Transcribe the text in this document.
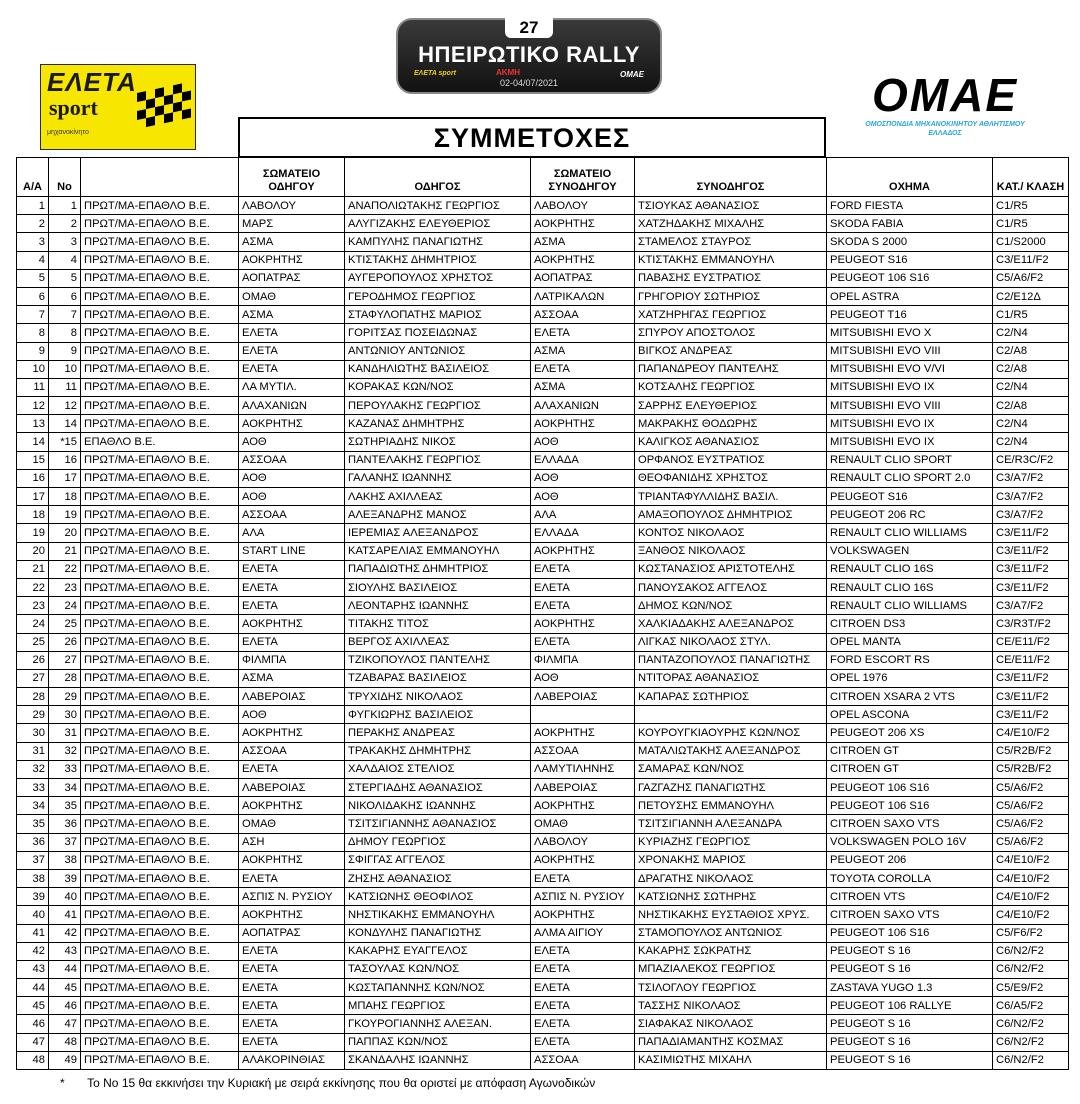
ΕΛΕΤΑ
sport
μηχανοκίνητο
27
ΗΠΕΙΡΩΤΙΚΟ RALLY
ΕΛΕΤΑ sport	ΑΚΜΗ	OMAE
02-04/07/2021	ΟΜΑΕ
ΟΜΟΣΠΟΝΔΙΑ ΜΗΧΑΝΟΚΙΝΗΤΟΥ ΑΘΛΗΤΙΣΜΟΥ ΕΛΛΑΔΟΣ
ΣΥΜΜΕΤΟΧΕΣ
Α/Α	Νο		ΣΩΜΑΤΕΙΟ ΟΔΗΓΟΥ	ΟΔΗΓΟΣ	ΣΩΜΑΤΕΙΟ ΣΥΝΟΔΗΓΟΥ	ΣΥΝΟΔΗΓΟΣ	ΟΧΗΜΑ	ΚΑΤ./ ΚΛΑΣΗ
1	1	ΠΡΩΤ/ΜΑ-ΕΠΑΘΛΟ Β.Ε.	ΛΑΒΟΛΟΥ	ΑΝΑΠΟΛΙΩΤΑΚΗΣ ΓΕΩΡΓΙΟΣ	ΛΑΒΟΛΟΥ	ΤΣΙΟΥΚΑΣ ΑΘΑΝΑΣΙΟΣ	FORD FIESTA	C1/R5
2	2	ΠΡΩΤ/ΜΑ-ΕΠΑΘΛΟ Β.Ε.	ΜΑΡΣ	ΑΛΥΓΙΖΑΚΗΣ ΕΛΕΥΘΕΡΙΟΣ	ΑΟΚΡΗΤΗΣ	ΧΑΤΖΗΔΑΚΗΣ ΜΙΧΑΛΗΣ	SKODA FABIA	C1/R5
3	3	ΠΡΩΤ/ΜΑ-ΕΠΑΘΛΟ Β.Ε.	ΑΣΜΑ	ΚΑΜΠΥΛΗΣ ΠΑΝΑΓΙΩΤΗΣ	ΑΣΜΑ	ΣΤΑΜΕΛΟΣ ΣΤΑΥΡΟΣ	SKODA S 2000	C1/S2000
4	4	ΠΡΩΤ/ΜΑ-ΕΠΑΘΛΟ Β.Ε.	ΑΟΚΡΗΤΗΣ	ΚΤΙΣΤΑΚΗΣ ΔΗΜΗΤΡΙΟΣ	ΑΟΚΡΗΤΗΣ	ΚΤΙΣΤΑΚΗΣ ΕΜΜΑΝΟΥΗΛ	PEUGEOT S16	C3/E11/F2
5	5	ΠΡΩΤ/ΜΑ-ΕΠΑΘΛΟ Β.Ε.	ΑΟΠΑΤΡΑΣ	ΑΥΓΕΡΟΠΟΥΛΟΣ ΧΡΗΣΤΟΣ	ΑΟΠΑΤΡΑΣ	ΠΑΒΑΣΗΣ ΕΥΣΤΡΑΤΙΟΣ	PEUGEOT 106 S16	C5/A6/F2
6	6	ΠΡΩΤ/ΜΑ-ΕΠΑΘΛΟ Β.Ε.	ΟΜΑΘ	ΓΕΡΟΔΗΜΟΣ ΓΕΩΡΓΙΟΣ	ΛΑΤΡΙΚΑΛΩΝ	ΓΡΗΓΟΡΙΟΥ ΣΩΤΗΡΙΟΣ	OPEL ASTRA	C2/E12Δ
7	7	ΠΡΩΤ/ΜΑ-ΕΠΑΘΛΟ Β.Ε.	ΑΣΜΑ	ΣΤΑΦΥΛΟΠΑΤΗΣ ΜΑΡΙΟΣ	ΑΣΣΟΑΑ	ΧΑΤΖΗΡΗΓΑΣ ΓΕΩΡΓΙΟΣ	PEUGEOT T16	C1/R5
8	8	ΠΡΩΤ/ΜΑ-ΕΠΑΘΛΟ Β.Ε.	ΕΛΕΤΑ	ΓΟΡΙΤΣΑΣ ΠΟΣΕΙΔΩΝΑΣ	ΕΛΕΤΑ	ΣΠΥΡΟΥ ΑΠΟΣΤΟΛΟΣ	MITSUBISHI EVO X	C2/N4
9	9	ΠΡΩΤ/ΜΑ-ΕΠΑΘΛΟ Β.Ε.	ΕΛΕΤΑ	ΑΝΤΩΝΙΟΥ ΑΝΤΩΝΙΟΣ	ΑΣΜΑ	ΒΙΓΚΟΣ ΑΝΔΡΕΑΣ	MITSUBISHI EVO VIII	C2/A8
10	10	ΠΡΩΤ/ΜΑ-ΕΠΑΘΛΟ Β.Ε.	ΕΛΕΤΑ	ΚΑΝΔΗΛΙΩΤΗΣ ΒΑΣΙΛΕΙΟΣ	ΕΛΕΤΑ	ΠΑΠΑΝΔΡΕΟΥ ΠΑΝΤΕΛΗΣ	MITSUBISHI EVO V/VI	C2/A8
11	11	ΠΡΩΤ/ΜΑ-ΕΠΑΘΛΟ Β.Ε.	ΛΑ ΜΥΤΙΛ.	ΚΟΡΑΚΑΣ ΚΩΝ/ΝΟΣ	ΑΣΜΑ	ΚΟΤΣΑΛΗΣ ΓΕΩΡΓΙΟΣ	MITSUBISHI EVO IX	C2/N4
12	12	ΠΡΩΤ/ΜΑ-ΕΠΑΘΛΟ Β.Ε.	ΑΛΑΧΑΝΙΩΝ	ΠΕΡΟΥΛΑΚΗΣ ΓΕΩΡΓΙΟΣ	ΑΛΑΧΑΝΙΩΝ	ΣΑΡΡΗΣ ΕΛΕΥΘΕΡΙΟΣ	MITSUBISHI EVO VIII	C2/A8
13	14	ΠΡΩΤ/ΜΑ-ΕΠΑΘΛΟ Β.Ε.	ΑΟΚΡΗΤΗΣ	ΚΑΖΑΝΑΣ ΔΗΜΗΤΡΗΣ	ΑΟΚΡΗΤΗΣ	ΜΑΚΡΑΚΗΣ ΘΟΔΩΡΗΣ	MITSUBISHI EVO IX	C2/N4
14	*15	ΕΠΑΘΛΟ Β.Ε.	ΑΟΘ	ΣΩΤΗΡΙΑΔΗΣ ΝΙΚΟΣ	ΑΟΘ	ΚΑΛΙΓΚΟΣ ΑΘΑΝΑΣΙΟΣ	MITSUBISHI EVO IX	C2/N4
15	16	ΠΡΩΤ/ΜΑ-ΕΠΑΘΛΟ Β.Ε.	ΑΣΣΟΑΑ	ΠΑΝΤΕΛΑΚΗΣ ΓΕΩΡΓΙΟΣ	ΕΛΛΑΔΑ	ΟΡΦΑΝΟΣ ΕΥΣΤΡΑΤΙΟΣ	RENAULT CLIO SPORT	CE/R3C/F2
16	17	ΠΡΩΤ/ΜΑ-ΕΠΑΘΛΟ Β.Ε.	ΑΟΘ	ΓΑΛΑΝΗΣ ΙΩΑΝΝΗΣ	ΑΟΘ	ΘΕΟΦΑΝΙΔΗΣ ΧΡΗΣΤΟΣ	RENAULT CLIO SPORT 2.0	C3/A7/F2
17	18	ΠΡΩΤ/ΜΑ-ΕΠΑΘΛΟ Β.Ε.	ΑΟΘ	ΛΑΚΗΣ ΑΧΙΛΛΕΑΣ	ΑΟΘ	ΤΡΙΑΝΤΑΦΥΛΛΙΔΗΣ ΒΑΣΙΛ.	PEUGEOT S16	C3/A7/F2
18	19	ΠΡΩΤ/ΜΑ-ΕΠΑΘΛΟ Β.Ε.	ΑΣΣΟΑΑ	ΑΛΕΞΑΝΔΡΗΣ ΜΑΝΟΣ	ΑΛΑ	ΑΜΑΞΟΠΟΥΛΟΣ ΔΗΜΗΤΡΙΟΣ	PEUGEOT 206 RC	C3/A7/F2
19	20	ΠΡΩΤ/ΜΑ-ΕΠΑΘΛΟ Β.Ε.	ΑΛΑ	ΙΕΡΕΜΙΑΣ ΑΛΕΞΑΝΔΡΟΣ	ΕΛΛΑΔΑ	ΚΟΝΤΟΣ ΝΙΚΟΛΑΟΣ	RENAULT CLIO WILLIAMS	C3/E11/F2
20	21	ΠΡΩΤ/ΜΑ-ΕΠΑΘΛΟ Β.Ε.	START LINE	ΚΑΤΣΑΡΕΛΙΑΣ ΕΜΜΑΝΟΥΗΛ	ΑΟΚΡΗΤΗΣ	ΞΑΝΘΟΣ ΝΙΚΟΛΑΟΣ	VOLKSWAGEN	C3/E11/F2
21	22	ΠΡΩΤ/ΜΑ-ΕΠΑΘΛΟ Β.Ε.	ΕΛΕΤΑ	ΠΑΠΑΔΙΩΤΗΣ ΔΗΜΗΤΡΙΟΣ	ΕΛΕΤΑ	ΚΩΣΤΑΝΑΣΙΟΣ ΑΡΙΣΤΟΤΕΛΗΣ	RENAULT CLIO 16S	C3/E11/F2
22	23	ΠΡΩΤ/ΜΑ-ΕΠΑΘΛΟ Β.Ε.	ΕΛΕΤΑ	ΣΙΟΥΛΗΣ ΒΑΣΙΛΕΙΟΣ	ΕΛΕΤΑ	ΠΑΝΟΥΣΑΚΟΣ ΑΓΓΕΛΟΣ	RENAULT CLIO 16S	C3/E11/F2
23	24	ΠΡΩΤ/ΜΑ-ΕΠΑΘΛΟ Β.Ε.	ΕΛΕΤΑ	ΛΕΟΝΤΑΡΗΣ ΙΩΑΝΝΗΣ	ΕΛΕΤΑ	ΔΗΜΟΣ ΚΩΝ/ΝΟΣ	RENAULT CLIO WILLIAMS	C3/A7/F2
24	25	ΠΡΩΤ/ΜΑ-ΕΠΑΘΛΟ Β.Ε.	ΑΟΚΡΗΤΗΣ	ΤΙΤΑΚΗΣ ΤΙΤΟΣ	ΑΟΚΡΗΤΗΣ	ΧΑΛΚΙΑΔΑΚΗΣ ΑΛΕΞΑΝΔΡΟΣ	CITROEN DS3	C3/R3T/F2
25	26	ΠΡΩΤ/ΜΑ-ΕΠΑΘΛΟ Β.Ε.	ΕΛΕΤΑ	ΒΕΡΓΟΣ ΑΧΙΛΛΕΑΣ	ΕΛΕΤΑ	ΛΙΓΚΑΣ ΝΙΚΟΛΑΟΣ ΣΤΥΛ.	OPEL MANTA	CE/E11/F2
26	27	ΠΡΩΤ/ΜΑ-ΕΠΑΘΛΟ Β.Ε.	ΦΙΛΜΠΑ	ΤΖΙΚΟΠΟΥΛΟΣ ΠΑΝΤΕΛΗΣ	ΦΙΛΜΠΑ	ΠΑΝΤΑΖΟΠΟΥΛΟΣ ΠΑΝΑΓΙΩΤΗΣ	FORD ESCORT RS	CE/E11/F2
27	28	ΠΡΩΤ/ΜΑ-ΕΠΑΘΛΟ Β.Ε.	ΑΣΜΑ	ΤΖΑΒΑΡΑΣ ΒΑΣΙΛΕΙΟΣ	ΑΟΘ	ΝΤΙΤΟΡΑΣ ΑΘΑΝΑΣΙΟΣ	OPEL 1976	C3/E11/F2
28	29	ΠΡΩΤ/ΜΑ-ΕΠΑΘΛΟ Β.Ε.	ΛΑΒΕΡΟΙΑΣ	ΤΡΥΧΙΔΗΣ ΝΙΚΟΛΑΟΣ	ΛΑΒΕΡΟΙΑΣ	ΚΑΠΑΡΑΣ ΣΩΤΗΡΙΟΣ	CITROEN XSARA 2 VTS	C3/E11/F2
29	30	ΠΡΩΤ/ΜΑ-ΕΠΑΘΛΟ Β.Ε.	ΑΟΘ	ΦΥΓΚΙΩΡΗΣ ΒΑΣΙΛΕΙΟΣ			OPEL ASCONA	C3/E11/F2
30	31	ΠΡΩΤ/ΜΑ-ΕΠΑΘΛΟ Β.Ε.	ΑΟΚΡΗΤΗΣ	ΠΕΡΑΚΗΣ ΑΝΔΡΕΑΣ	ΑΟΚΡΗΤΗΣ	ΚΟΥΡΟΥΓΚΙΑΟΥΡΗΣ ΚΩΝ/ΝΟΣ	PEUGEOT 206 XS	C4/E10/F2
31	32	ΠΡΩΤ/ΜΑ-ΕΠΑΘΛΟ Β.Ε.	ΑΣΣΟΑΑ	ΤΡΑΚΑΚΗΣ ΔΗΜΗΤΡΗΣ	ΑΣΣΟΑΑ	ΜΑΤΑΛΙΩΤΑΚΗΣ ΑΛΕΞΑΝΔΡΟΣ	CITROEN GT	C5/R2B/F2
32	33	ΠΡΩΤ/ΜΑ-ΕΠΑΘΛΟ Β.Ε.	ΕΛΕΤΑ	ΧΑΛΔΑΙΟΣ ΣΤΕΛΙΟΣ	ΛΑΜΥΤΙΛΗΝΗΣ	ΣΑΜΑΡΑΣ ΚΩΝ/ΝΟΣ	CITROEN GT	C5/R2B/F2
33	34	ΠΡΩΤ/ΜΑ-ΕΠΑΘΛΟ Β.Ε.	ΛΑΒΕΡΟΙΑΣ	ΣΤΕΡΓΙΑΔΗΣ ΑΘΑΝΑΣΙΟΣ	ΛΑΒΕΡΟΙΑΣ	ΓΑΖΓΑΖΗΣ ΠΑΝΑΓΙΩΤΗΣ	PEUGEOT 106 S16	C5/A6/F2
34	35	ΠΡΩΤ/ΜΑ-ΕΠΑΘΛΟ Β.Ε.	ΑΟΚΡΗΤΗΣ	ΝΙΚΟΛΙΔΑΚΗΣ ΙΩΑΝΝΗΣ	ΑΟΚΡΗΤΗΣ	ΠΕΤΟΥΣΗΣ ΕΜΜΑΝΟΥΗΛ	PEUGEOT 106 S16	C5/A6/F2
35	36	ΠΡΩΤ/ΜΑ-ΕΠΑΘΛΟ Β.Ε.	ΟΜΑΘ	ΤΣΙΤΣΙΓΙΑΝΝΗΣ ΑΘΑΝΑΣΙΟΣ	ΟΜΑΘ	ΤΣΙΤΣΙΓΙΑΝΝΗ ΑΛΕΞΑΝΔΡΑ	CITROEN SAXO VTS	C5/A6/F2
36	37	ΠΡΩΤ/ΜΑ-ΕΠΑΘΛΟ Β.Ε.	ΑΣΗ	ΔΗΜΟΥ ΓΕΩΡΓΙΟΣ	ΛΑΒΟΛΟΥ	ΚΥΡΙΑΖΗΣ ΓΕΩΡΓΙΟΣ	VOLKSWAGEN POLO 16V	C5/A6/F2
37	38	ΠΡΩΤ/ΜΑ-ΕΠΑΘΛΟ Β.Ε.	ΑΟΚΡΗΤΗΣ	ΣΦΙΓΓΑΣ ΑΓΓΕΛΟΣ	ΑΟΚΡΗΤΗΣ	ΧΡΟΝΑΚΗΣ ΜΑΡΙΟΣ	PEUGEOT 206	C4/E10/F2
38	39	ΠΡΩΤ/ΜΑ-ΕΠΑΘΛΟ Β.Ε.	ΕΛΕΤΑ	ΖΗΣΗΣ ΑΘΑΝΑΣΙΟΣ	ΕΛΕΤΑ	ΔΡΑΓΑΤΗΣ ΝΙΚΟΛΑΟΣ	TOYOTA COROLLA	C4/E10/F2
39	40	ΠΡΩΤ/ΜΑ-ΕΠΑΘΛΟ Β.Ε.	ΑΣΠΙΣ Ν. ΡΥΣΙΟΥ	ΚΑΤΣΙΩΝΗΣ ΘΕΟΦΙΛΟΣ	ΑΣΠΙΣ Ν. ΡΥΣΙΟΥ	ΚΑΤΣΙΩΝΗΣ ΣΩΤΗΡΗΣ	CITROEN VTS	C4/E10/F2
40	41	ΠΡΩΤ/ΜΑ-ΕΠΑΘΛΟ Β.Ε.	ΑΟΚΡΗΤΗΣ	ΝΗΣΤΙΚΑΚΗΣ ΕΜΜΑΝΟΥΗΛ	ΑΟΚΡΗΤΗΣ	ΝΗΣΤΙΚΑΚΗΣ ΕΥΣΤΑΘΙΟΣ ΧΡΥΣ.	CITROEN SAXO VTS	C4/E10/F2
41	42	ΠΡΩΤ/ΜΑ-ΕΠΑΘΛΟ Β.Ε.	ΑΟΠΑΤΡΑΣ	ΚΟΝΔΥΛΗΣ ΠΑΝΑΓΙΩΤΗΣ	ΑΛΜΑ ΑΙΓΙΟΥ	ΣΤΑΜΟΠΟΥΛΟΣ ΑΝΤΩΝΙΟΣ	PEUGEOT 106 S16	C5/F6/F2
42	43	ΠΡΩΤ/ΜΑ-ΕΠΑΘΛΟ Β.Ε.	ΕΛΕΤΑ	ΚΑΚΑΡΗΣ ΕΥΑΓΓΕΛΟΣ	ΕΛΕΤΑ	ΚΑΚΑΡΗΣ ΣΩΚΡΑΤΗΣ	PEUGEOT S 16	C6/N2/F2
43	44	ΠΡΩΤ/ΜΑ-ΕΠΑΘΛΟ Β.Ε.	ΕΛΕΤΑ	ΤΑΣΟΥΛΑΣ ΚΩΝ/ΝΟΣ	ΕΛΕΤΑ	ΜΠΑΖΙΑΛΕΚΟΣ ΓΕΩΡΓΙΟΣ	PEUGEOT S 16	C6/N2/F2
44	45	ΠΡΩΤ/ΜΑ-ΕΠΑΘΛΟ Β.Ε.	ΕΛΕΤΑ	ΚΩΣΤΑΠΑΝΝΗΣ ΚΩΝ/ΝΟΣ	ΕΛΕΤΑ	ΤΣΙΛΟΓΛΟΥ ΓΕΩΡΓΙΟΣ	ZASTAVA YUGO 1.3	C5/E9/F2
45	46	ΠΡΩΤ/ΜΑ-ΕΠΑΘΛΟ Β.Ε.	ΕΛΕΤΑ	ΜΠΑΗΣ ΓΕΩΡΓΙΟΣ	ΕΛΕΤΑ	ΤΑΣΣΗΣ ΝΙΚΟΛΑΟΣ	PEUGEOT 106 RALLYE	C6/A5/F2
46	47	ΠΡΩΤ/ΜΑ-ΕΠΑΘΛΟ Β.Ε.	ΕΛΕΤΑ	ΓΚΟΥΡΟΓΙΑΝΝΗΣ ΑΛΕΞΑΝ.	ΕΛΕΤΑ	ΣΙΑΦΑΚΑΣ ΝΙΚΟΛΑΟΣ	PEUGEOT S 16	C6/N2/F2
47	48	ΠΡΩΤ/ΜΑ-ΕΠΑΘΛΟ Β.Ε.	ΕΛΕΤΑ	ΠΑΠΠΑΣ ΚΩΝ/ΝΟΣ	ΕΛΕΤΑ	ΠΑΠΑΔΙΑΜΑΝΤΗΣ ΚΟΣΜΑΣ	PEUGEOT S 16	C6/N2/F2
48	49	ΠΡΩΤ/ΜΑ-ΕΠΑΘΛΟ Β.Ε.	ΑΛΑΚΟΡΙΝΘΙΑΣ	ΣΚΑΝΔΑΛΗΣ ΙΩΑΝΝΗΣ	ΑΣΣΟΑΑ	ΚΑΣΙΜΙΩΤΗΣ ΜΙΧΑΗΛ	PEUGEOT S 16	C6/N2/F2
* Το Νο 15 θα εκκινήσει την Κυριακή με σειρά εκκίνησης που θα οριστεί με απόφαση Αγωνοδικών
